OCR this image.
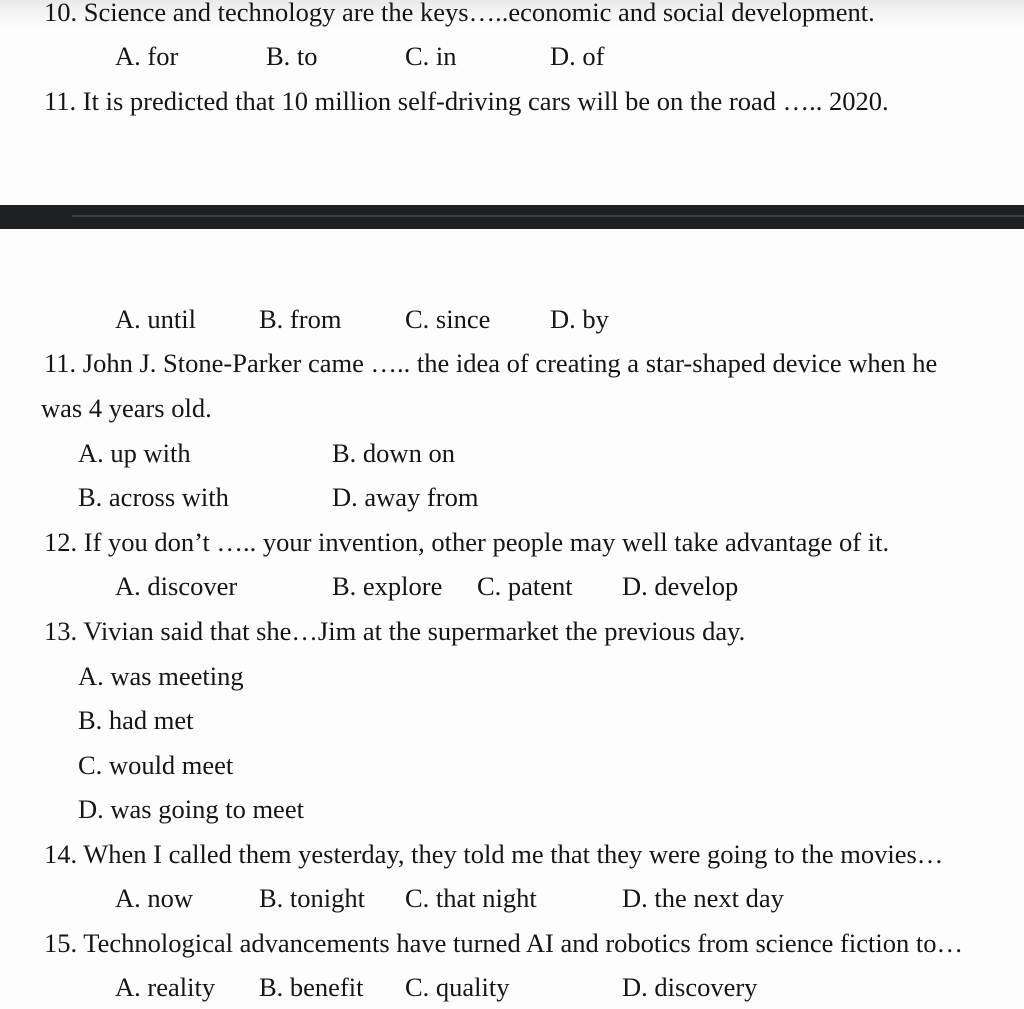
10. Science and technology are the keys…..economic and social development.
A. for	B. to	C. in	D. of
11. It is predicted that 10 million self-driving cars will be on the road ….. 2020.
A. until B. from C. since D. by
11. John J. Stone-Parker came ….. the idea of creating a star-shaped device when he
was 4 years old.
A. up with	B. down on
B. across with	D. away from
12. If you don’t ….. your invention, other people may well take advantage of it.
A. discover	B. explore C. patent D. develop
13. Vivian said that she…Jim at the supermarket the previous day.
A. was meeting
B. had met
C. would meet
D. was going to meet
14. When I called them yesterday, they told me that they were going to the movies…
A. now B. tonight C. that night	D. the next day
15. Technological advancements have turned AI and robotics from science fiction to…
A. reality B. benefit C. quality	D. discovery
